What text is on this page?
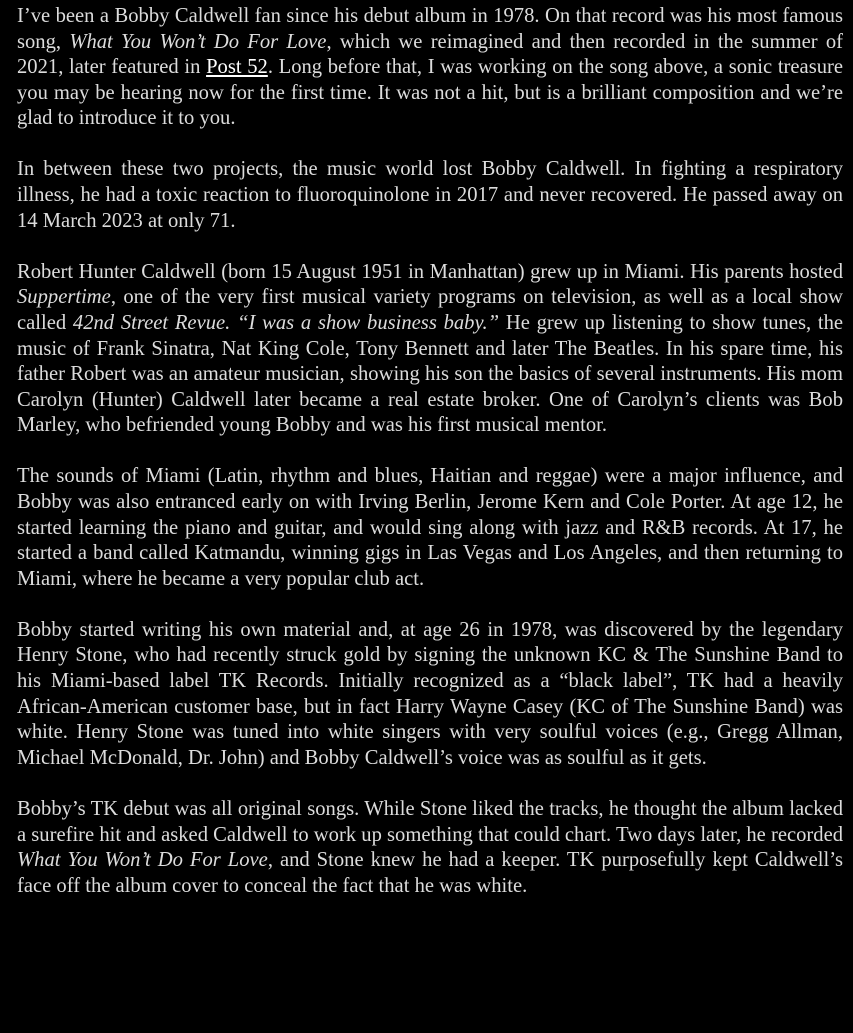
I’ve been a Bobby Caldwell fan since his debut album in 1978. On that record was his most famous song, What You Won’t Do For Love, which we reimagined and then recorded in the summer of 2021, later featured in Post 52. Long before that, I was working on the song above, a sonic treasure you may be hearing now for the first time. It was not a hit, but is a brilliant composition and we’re glad to introduce it to you.

In between these two projects, the music world lost Bobby Caldwell. In fighting a respiratory illness, he had a toxic reaction to fluoroquinolone in 2017 and never recovered. He passed away on 14 March 2023 at only 71.

Robert Hunter Caldwell (born 15 August 1951 in Manhattan) grew up in Miami. His parents hosted Suppertime, one of the very first musical variety programs on television, as well as a local show called 42nd Street Revue. “I was a show business baby.” He grew up listening to show tunes, the music of Frank Sinatra, Nat King Cole, Tony Bennett and later The Beatles. In his spare time, his father Robert was an amateur musician, showing his son the basics of several instruments. His mom Carolyn (Hunter) Caldwell later became a real estate broker. One of Carolyn’s clients was Bob Marley, who befriended young Bobby and was his first musical mentor.

The sounds of Miami (Latin, rhythm and blues, Haitian and reggae) were a major influence, and Bobby was also entranced early on with Irving Berlin, Jerome Kern and Cole Porter. At age 12, he started learning the piano and guitar, and would sing along with jazz and R&B records. At 17, he started a band called Katmandu, winning gigs in Las Vegas and Los Angeles, and then returning to Miami, where he became a very popular club act.

Bobby started writing his own material and, at age 26 in 1978, was discovered by the legendary Henry Stone, who had recently struck gold by signing the unknown KC & The Sunshine Band to his Miami-based label TK Records. Initially recognized as a “black label”, TK had a heavily African-American customer base, but in fact Harry Wayne Casey (KC of The Sunshine Band) was white. Henry Stone was tuned into white singers with very soulful voices (e.g., Gregg Allman, Michael McDonald, Dr. John) and Bobby Caldwell’s voice was as soulful as it gets.

Bobby’s TK debut was all original songs. While Stone liked the tracks, he thought the album lacked a surefire hit and asked Caldwell to work up something that could chart. Two days later, he recorded What You Won’t Do For Love, and Stone knew he had a keeper. TK purposefully kept Caldwell’s face off the album cover to conceal the fact that he was white.
